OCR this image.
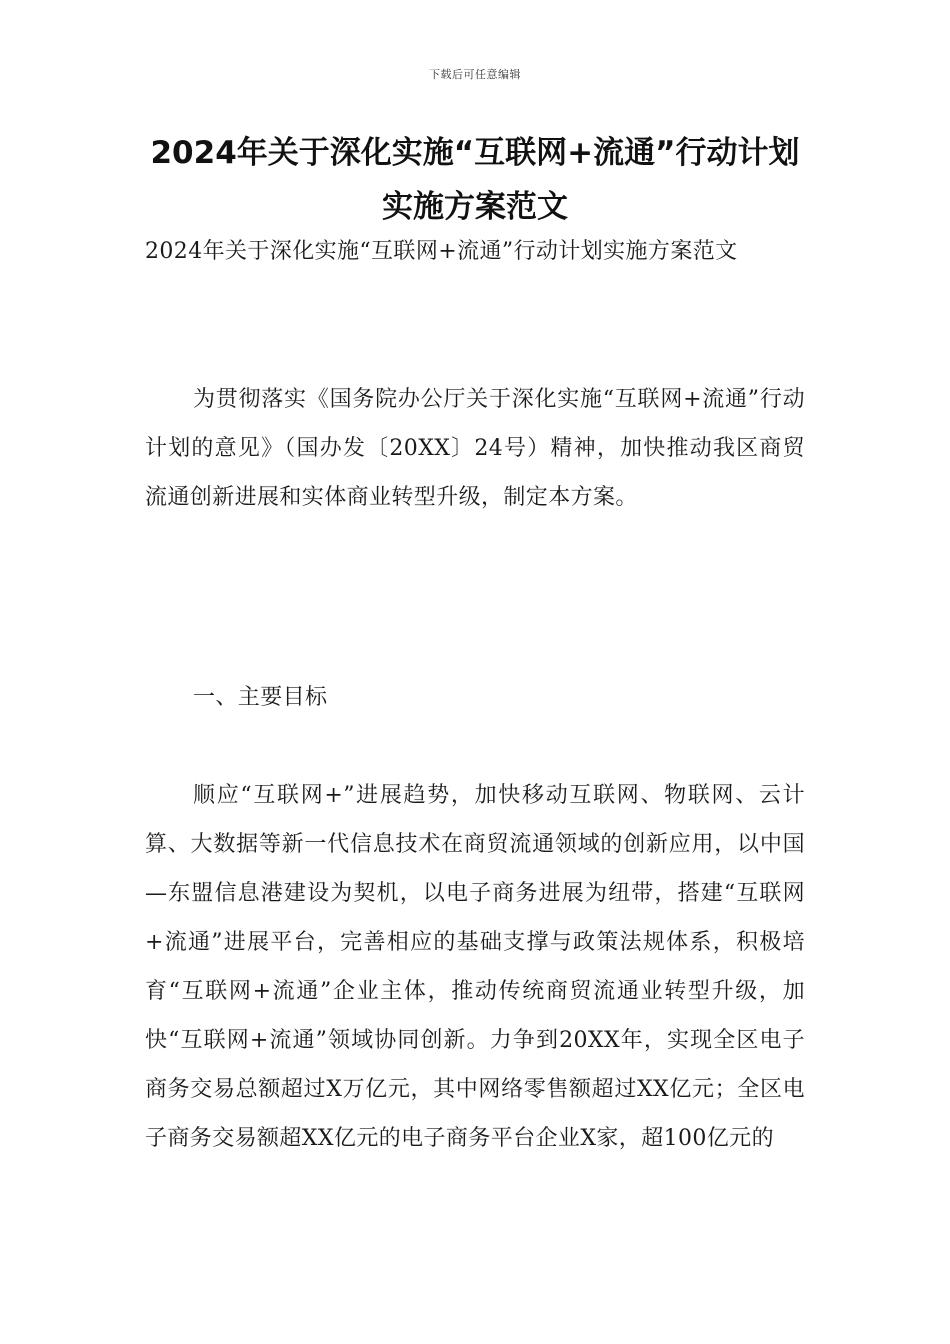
下载后可任意编辑
2024年关于深化实施“互联网+流通”行动计划实施方案范文
2024年关于深化实施“互联网+流通”行动计划实施方案范文
为贯彻落实《国务院办公厅关于深化实施“互联网+流通”行动计划的意见》（国办发〔20XX〕24号）精神，加快推动我区商贸流通创新进展和实体商业转型升级，制定本方案。
一、主要目标
顺应“互联网+”进展趋势，加快移动互联网、物联网、云计算、大数据等新一代信息技术在商贸流通领域的创新应用，以中国—东盟信息港建设为契机，以电子商务进展为纽带，搭建“互联网+流通”进展平台，完善相应的基础支撑与政策法规体系，积极培育“互联网+流通”企业主体，推动传统商贸流通业转型升级，加快“互联网+流通”领域协同创新。力争到20XX年，实现全区电子商务交易总额超过X万亿元，其中网络零售额超过XX亿元；全区电子商务交易额超XX亿元的电子商务平台企业X家，超100亿元的
